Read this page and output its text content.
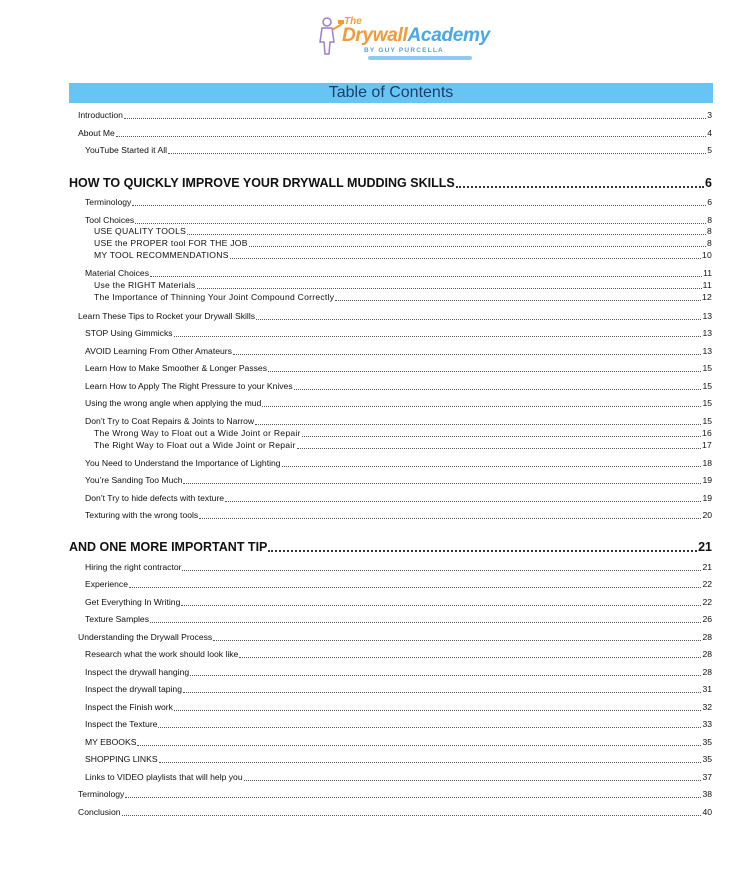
The
DrywallAcademy
BY GUY PURCELLA
Table of Contents
Introduction	3
About Me	4
YouTube Started it All	5
HOW TO QUICKLY IMPROVE YOUR DRYWALL MUDDING SKILLS	6
Terminology	6
Tool Choices	8
USE QUALITY TOOLS	8
USE the PROPER tool FOR THE JOB	8
MY TOOL RECOMMENDATIONS	10
Material Choices	11
Use the RIGHT Materials	11
The Importance of Thinning Your Joint Compound Correctly	12
Learn These Tips to Rocket your Drywall Skills	13
STOP Using Gimmicks	13
AVOID Learning From Other Amateurs	13
Learn How to Make Smoother & Longer Passes	15
Learn How to Apply The Right Pressure to your Knives	15
Using the wrong angle when applying the mud	15
Don’t Try to Coat Repairs & Joints to Narrow	15
The Wrong Way to Float out a Wide Joint or Repair	16
The Right Way to Float out a Wide Joint or Repair	17
You Need to Understand the Importance of Lighting	18
You’re Sanding Too Much	19
Don’t Try to hide defects with texture	19
Texturing with the wrong tools	20
AND ONE MORE IMPORTANT TIP	21
Hiring the right contractor	21
Experience	22
Get Everything In Writing	22
Texture Samples	26
Understanding the Drywall Process	28
Research what the work should look like	28
Inspect the drywall hanging	28
Inspect the drywall taping	31
Inspect the Finish work	32
Inspect the Texture	33
MY EBOOKS	35
SHOPPING LINKS	35
Links to VIDEO playlists that will help you	37
Terminology	38
Conclusion	40
